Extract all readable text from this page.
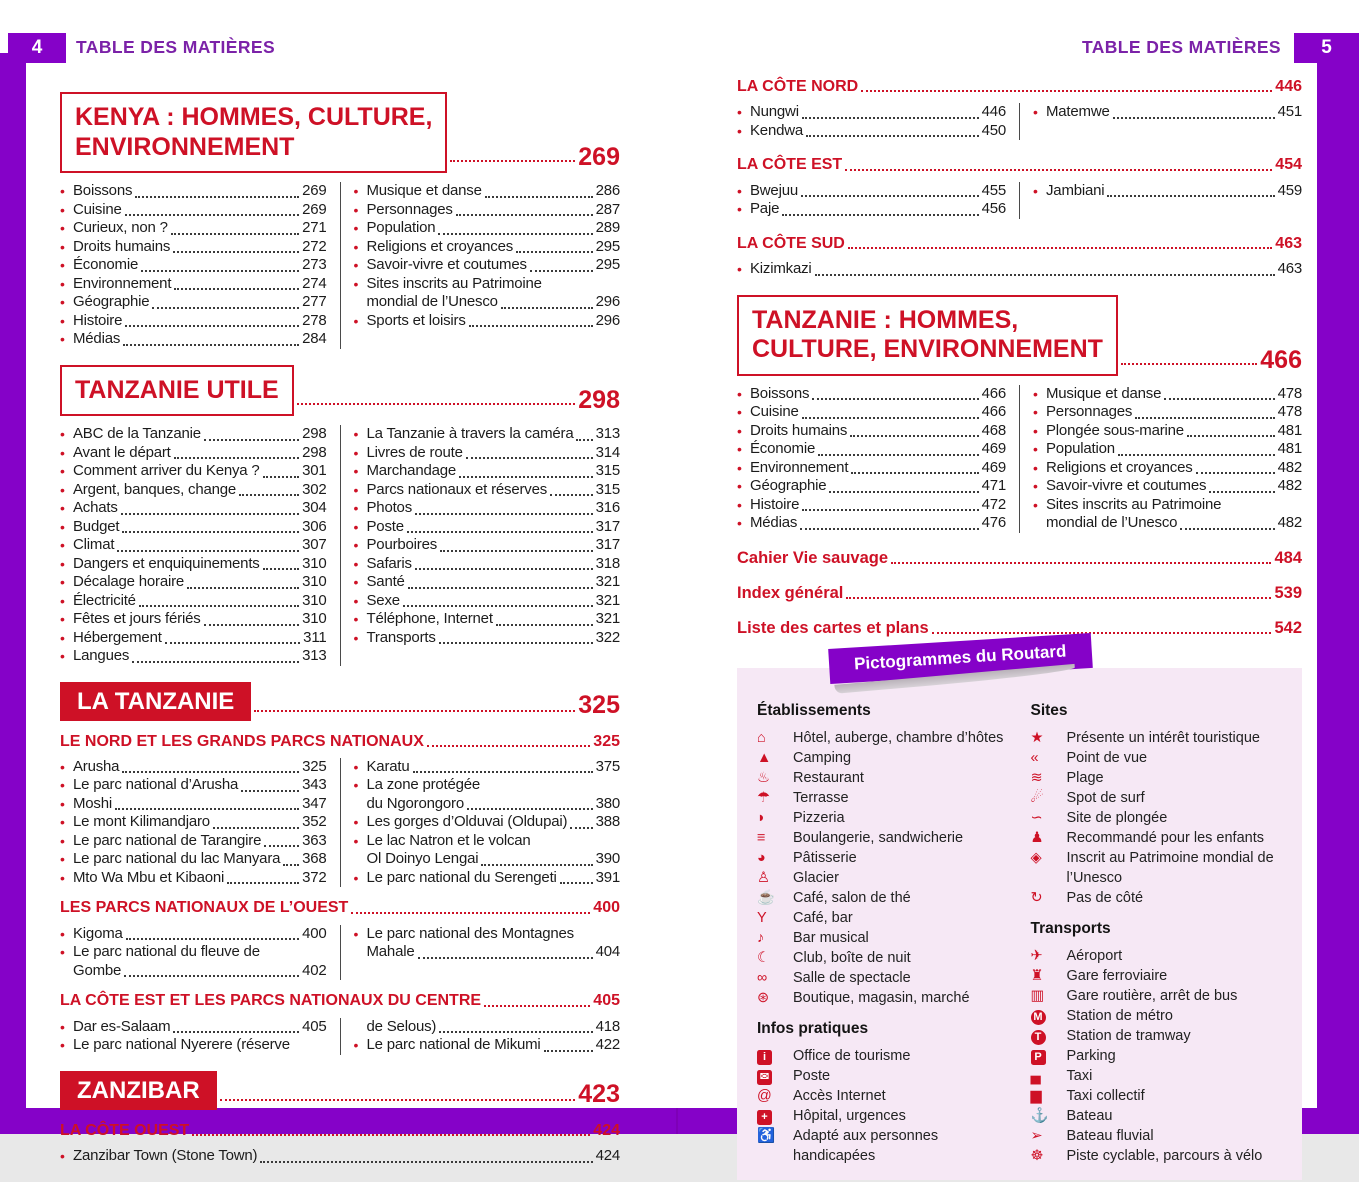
4	5
TABLE DES MATIÈRES	TABLE DES MATIÈRES
KENYA : HOMMES, CULTURE,
ENVIRONNEMENT	269
• Boissons	269
• Cuisine	269
• Curieux, non ?	271
• Droits humains	272
• Économie	273
• Environnement	274
• Géographie	277
• Histoire	278
• Médias	284
• Musique et danse	286
• Personnages	287
• Population	289
• Religions et croyances	295
• Savoir-vivre et coutumes	295
• Sites inscrits au Patrimoine
mondial de l’Unesco	296
• Sports et loisirs	296
TANZANIE UTILE	298
• ABC de la Tanzanie	298
• Avant le départ	298
• Comment arriver du Kenya ?	301
• Argent, banques, change	302
• Achats	304
• Budget	306
• Climat	307
• Dangers et enquiquinements	310
• Décalage horaire	310
• Électricité	310
• Fêtes et jours fériés	310
• Hébergement	311
• Langues	313
• La Tanzanie à travers la caméra 313
• Livres de route	314
• Marchandage	315
• Parcs nationaux et réserves	315
• Photos	316
• Poste	317
• Pourboires	317
• Safaris	318
• Santé	321
• Sexe	321
• Téléphone, Internet	321
• Transports	322
LA TANZANIE	325
LE NORD ET LES GRANDS PARCS NATIONAUX	325
• Arusha	325
• Le parc national d’Arusha	343
• Moshi	347
• Le mont Kilimandjaro	352
• Le parc national de Tarangire	363
• Le parc national du lac Manyara 368
• Mto Wa Mbu et Kibaoni	372
• Karatu	375
• La zone protégée
du Ngorongoro	380
• Les gorges d’Olduvai (Oldupai) 388
• Le lac Natron et le volcan
Ol Doinyo Lengai	390
• Le parc national du Serengeti	391
LES PARCS NATIONAUX DE L’OUEST	400
• Kigoma	400
• Le parc national du fleuve de
Gombe	402
• Le parc national des Montagnes
Mahale	404
LA CÔTE EST ET LES PARCS NATIONAUX DU CENTRE	405
• Dar es-Salaam	405
• Le parc national Nyerere (réserve
de Selous)	418
• Le parc national de Mikumi	422
ZANZIBAR	423
LA CÔTE OUEST	424
• Zanzibar Town (Stone Town)	424
LA CÔTE NORD	446
• Nungwi	446
• Kendwa	450
• Matemwe	451
LA CÔTE EST	454
• Bwejuu	455
• Paje	456
• Jambiani	459
LA CÔTE SUD	463
• Kizimkazi	463
TANZANIE : HOMMES,
CULTURE, ENVIRONNEMENT	466
• Boissons	466
• Cuisine	466
• Droits humains	468
• Économie	469
• Environnement	469
• Géographie	471
• Histoire	472
• Médias	476
• Musique et danse	478
• Personnages	478
• Plongée sous-marine	481
• Population	481
• Religions et croyances	482
• Savoir-vivre et coutumes	482
• Sites inscrits au Patrimoine
mondial de l’Unesco	482
Cahier Vie sauvage	484
Index général	539
Liste des cartes et plans	542
Pictogrammes du Routard
Établissements
⌂	Hôtel, auberge, chambre d’hôtes
▲	Camping
♨	Restaurant
☂	Terrasse
◗	Pizzeria
≡	Boulangerie, sandwicherie
◕	Pâtisserie
♙	Glacier
☕	Café, salon de thé
Y	Café, bar
♪	Bar musical
☾	Club, boîte de nuit
∞	Salle de spectacle
⊛	Boutique, magasin, marché
Infos pratiques
i	Office de tourisme
✉	Poste
@	Accès Internet
+	Hôpital, urgences
♿	Adapté aux personnes handicapées
Sites
★	Présente un intérêt touristique
«	Point de vue
≋	Plage
☄	Spot de surf
∽	Site de plongée
♟	Recommandé pour les enfants
◈	Inscrit au Patrimoine mondial de l’Unesco
↻	Pas de côté
Transports
✈	Aéroport
♜	Gare ferroviaire
▥	Gare routière, arrêt de bus
M	Station de métro
T	Station de tramway
P	Parking
▄	Taxi
▆	Taxi collectif
⚓	Bateau
➢	Bateau fluvial
☸	Piste cyclable, parcours à vélo
